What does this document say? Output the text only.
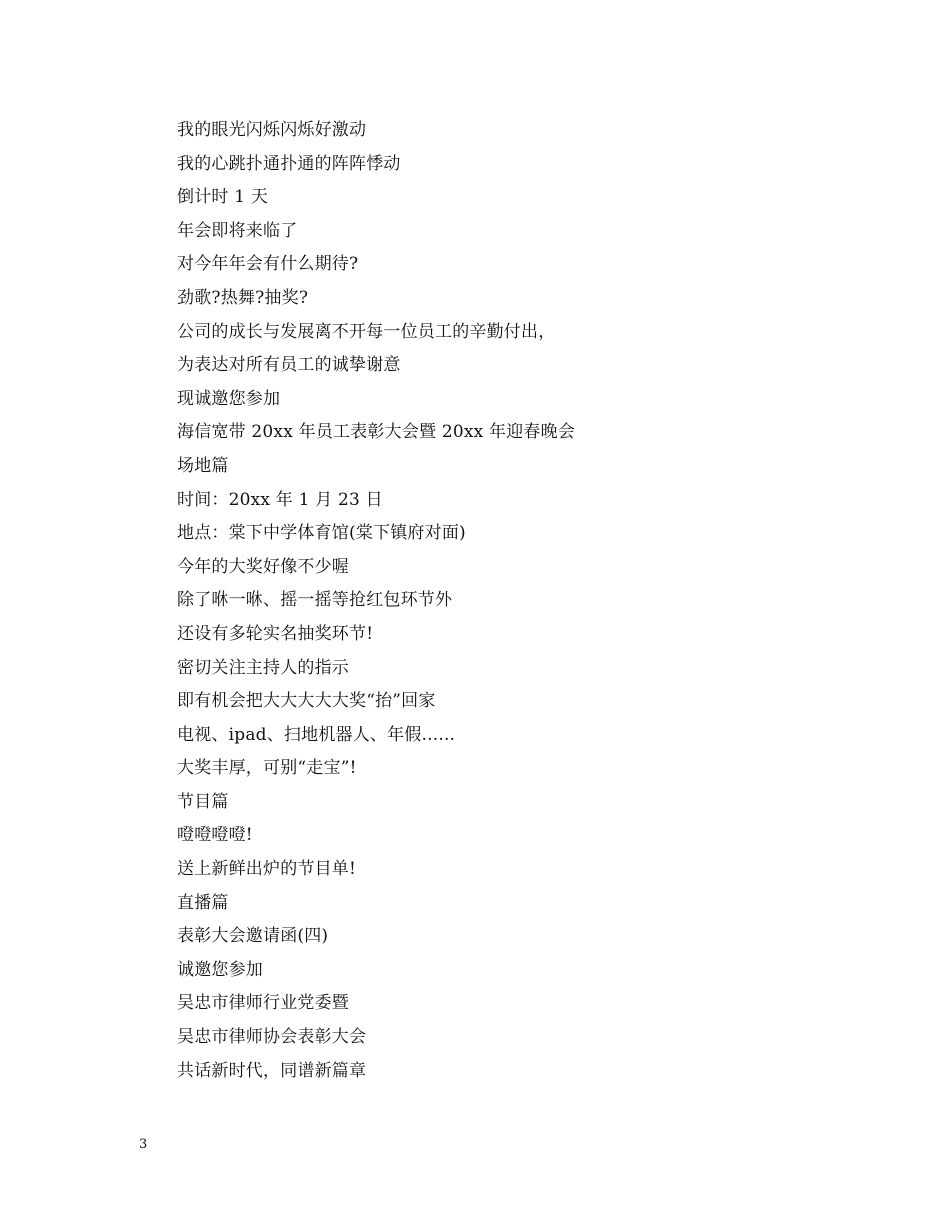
我的眼光闪烁闪烁好激动
我的心跳扑通扑通的阵阵悸动
倒计时 1 天
年会即将来临了
对今年年会有什么期待?
劲歌?热舞?抽奖?
公司的成长与发展离不开每一位员工的辛勤付出，
为表达对所有员工的诚挚谢意
现诚邀您参加
海信宽带 20xx 年员工表彰大会暨 20xx 年迎春晚会
场地篇
时间：20xx 年 1 月 23 日
地点：棠下中学体育馆(棠下镇府对面)
今年的大奖好像不少喔
除了咻一咻、摇一摇等抢红包环节外
还设有多轮实名抽奖环节!
密切关注主持人的指示
即有机会把大大大大大奖“抬”回家
电视、ipad、扫地机器人、年假......
大奖丰厚，可别“走宝”!
节目篇
噔噔噔噔!
送上新鲜出炉的节目单!
直播篇
表彰大会邀请函(四)
诚邀您参加
吴忠市律师行业党委暨
吴忠市律师协会表彰大会
共话新时代，同谱新篇章
3
